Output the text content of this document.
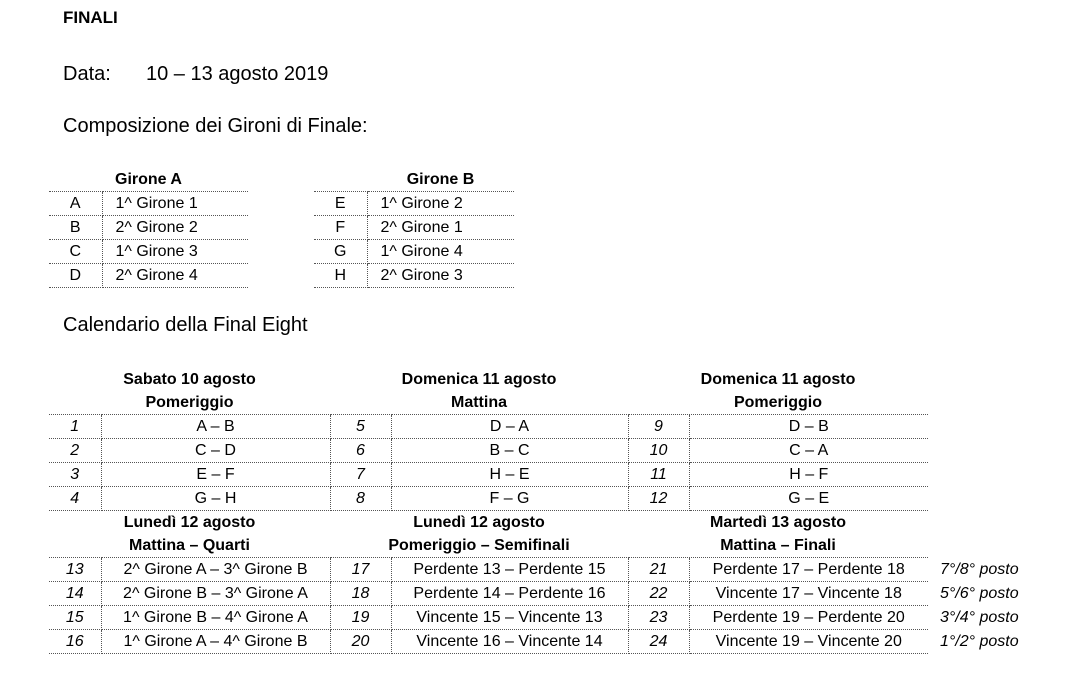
FINALI
Data: 10 – 13 agosto 2019
Composizione dei Gironi di Finale:
	Girone A
A	1^ Girone 1
B	2^ Girone 2
C	1^ Girone 3
D	2^ Girone 4
	Girone B
E	1^ Girone 2
F	2^ Girone 1
G	1^ Girone 4
H	2^ Girone 3
Calendario della Final Eight
Sabato 10 agosto		Domenica 11 agosto		Domenica 11 agosto	
Pomeriggio		Mattina		Pomeriggio	
1	A – B	5	D – A	9	D – B
2	C – D	6	B – C	10	C – A
3	E – F	7	H – E	11	H – F
4	G – H	8	F – G	12	G – E
Lunedì 12 agosto		Lunedì 12 agosto		Martedì 13 agosto		
Mattina – Quarti		Pomeriggio – Semifinali		Mattina – Finali		
13	2^ Girone A – 3^ Girone B	17	Perdente 13 – Perdente 15	21	Perdente 17 – Perdente 18	7°/8° posto
14	2^ Girone B – 3^ Girone A	18	Perdente 14 – Perdente 16	22	Vincente 17 – Vincente 18	5°/6° posto
15	1^ Girone B – 4^ Girone A	19	Vincente 15 – Vincente 13	23	Perdente 19 – Perdente 20	3°/4° posto
16	1^ Girone A – 4^ Girone B	20	Vincente 16 – Vincente 14	24	Vincente 19 – Vincente 20	1°/2° posto
